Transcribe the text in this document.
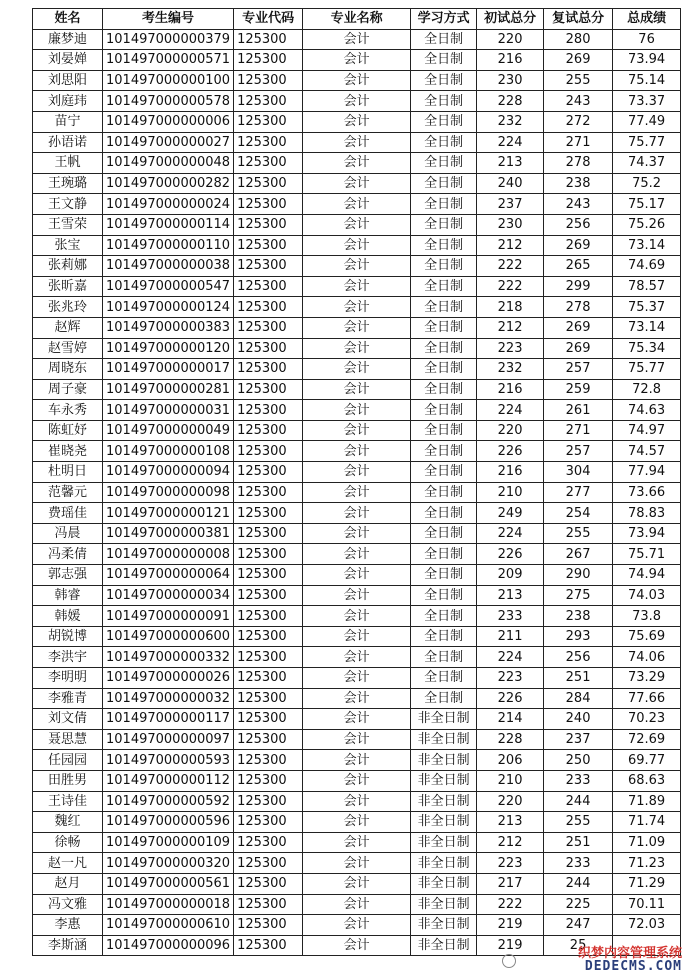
姓名	考生编号	专业代码	专业名称	学习方式	初试总分	复试总分	总成绩
廉梦迪	101497000000379	125300	会计	全日制	220	280	76
刘晏婵	101497000000571	125300	会计	全日制	216	269	73.94
刘思阳	101497000000100	125300	会计	全日制	230	255	75.14
刘庭玮	101497000000578	125300	会计	全日制	228	243	73.37
苗宁	101497000000006	125300	会计	全日制	232	272	77.49
孙语诺	101497000000027	125300	会计	全日制	224	271	75.77
王帆	101497000000048	125300	会计	全日制	213	278	74.37
王琬璐	101497000000282	125300	会计	全日制	240	238	75.2
王文静	101497000000024	125300	会计	全日制	237	243	75.17
王雪荣	101497000000114	125300	会计	全日制	230	256	75.26
张宝	101497000000110	125300	会计	全日制	212	269	73.14
张莉娜	101497000000038	125300	会计	全日制	222	265	74.69
张昕嘉	101497000000547	125300	会计	全日制	222	299	78.57
张兆玲	101497000000124	125300	会计	全日制	218	278	75.37
赵辉	101497000000383	125300	会计	全日制	212	269	73.14
赵雪婷	101497000000120	125300	会计	全日制	223	269	75.34
周晓东	101497000000017	125300	会计	全日制	232	257	75.77
周子豪	101497000000281	125300	会计	全日制	216	259	72.8
车永秀	101497000000031	125300	会计	全日制	224	261	74.63
陈虹妤	101497000000049	125300	会计	全日制	220	271	74.97
崔晓尧	101497000000108	125300	会计	全日制	226	257	74.57
杜明日	101497000000094	125300	会计	全日制	216	304	77.94
范馨元	101497000000098	125300	会计	全日制	210	277	73.66
费瑶佳	101497000000121	125300	会计	全日制	249	254	78.83
冯晨	101497000000381	125300	会计	全日制	224	255	73.94
冯柔倩	101497000000008	125300	会计	全日制	226	267	75.71
郭志强	101497000000064	125300	会计	全日制	209	290	74.94
韩睿	101497000000034	125300	会计	全日制	213	275	74.03
韩媛	101497000000091	125300	会计	全日制	233	238	73.8
胡锐博	101497000000600	125300	会计	全日制	211	293	75.69
李洪宇	101497000000332	125300	会计	全日制	224	256	74.06
李明明	101497000000026	125300	会计	全日制	223	251	73.29
李雅青	101497000000032	125300	会计	全日制	226	284	77.66
刘文倩	101497000000117	125300	会计	非全日制	214	240	70.23
聂思慧	101497000000097	125300	会计	非全日制	228	237	72.69
任园园	101497000000593	125300	会计	非全日制	206	250	69.77
田胜男	101497000000112	125300	会计	非全日制	210	233	68.63
王诗佳	101497000000592	125300	会计	非全日制	220	244	71.89
魏红	101497000000596	125300	会计	非全日制	213	255	71.74
徐畅	101497000000109	125300	会计	非全日制	212	251	71.09
赵一凡	101497000000320	125300	会计	非全日制	223	233	71.23
赵月	101497000000561	125300	会计	非全日制	217	244	71.29
冯文雅	101497000000018	125300	会计	非全日制	222	225	70.11
李惠	101497000000610	125300	会计	非全日制	219	247	72.03
李斯涵	101497000000096	125300	会计	非全日制	219	25	
织梦内容管理系统
DEDECMS.COM
